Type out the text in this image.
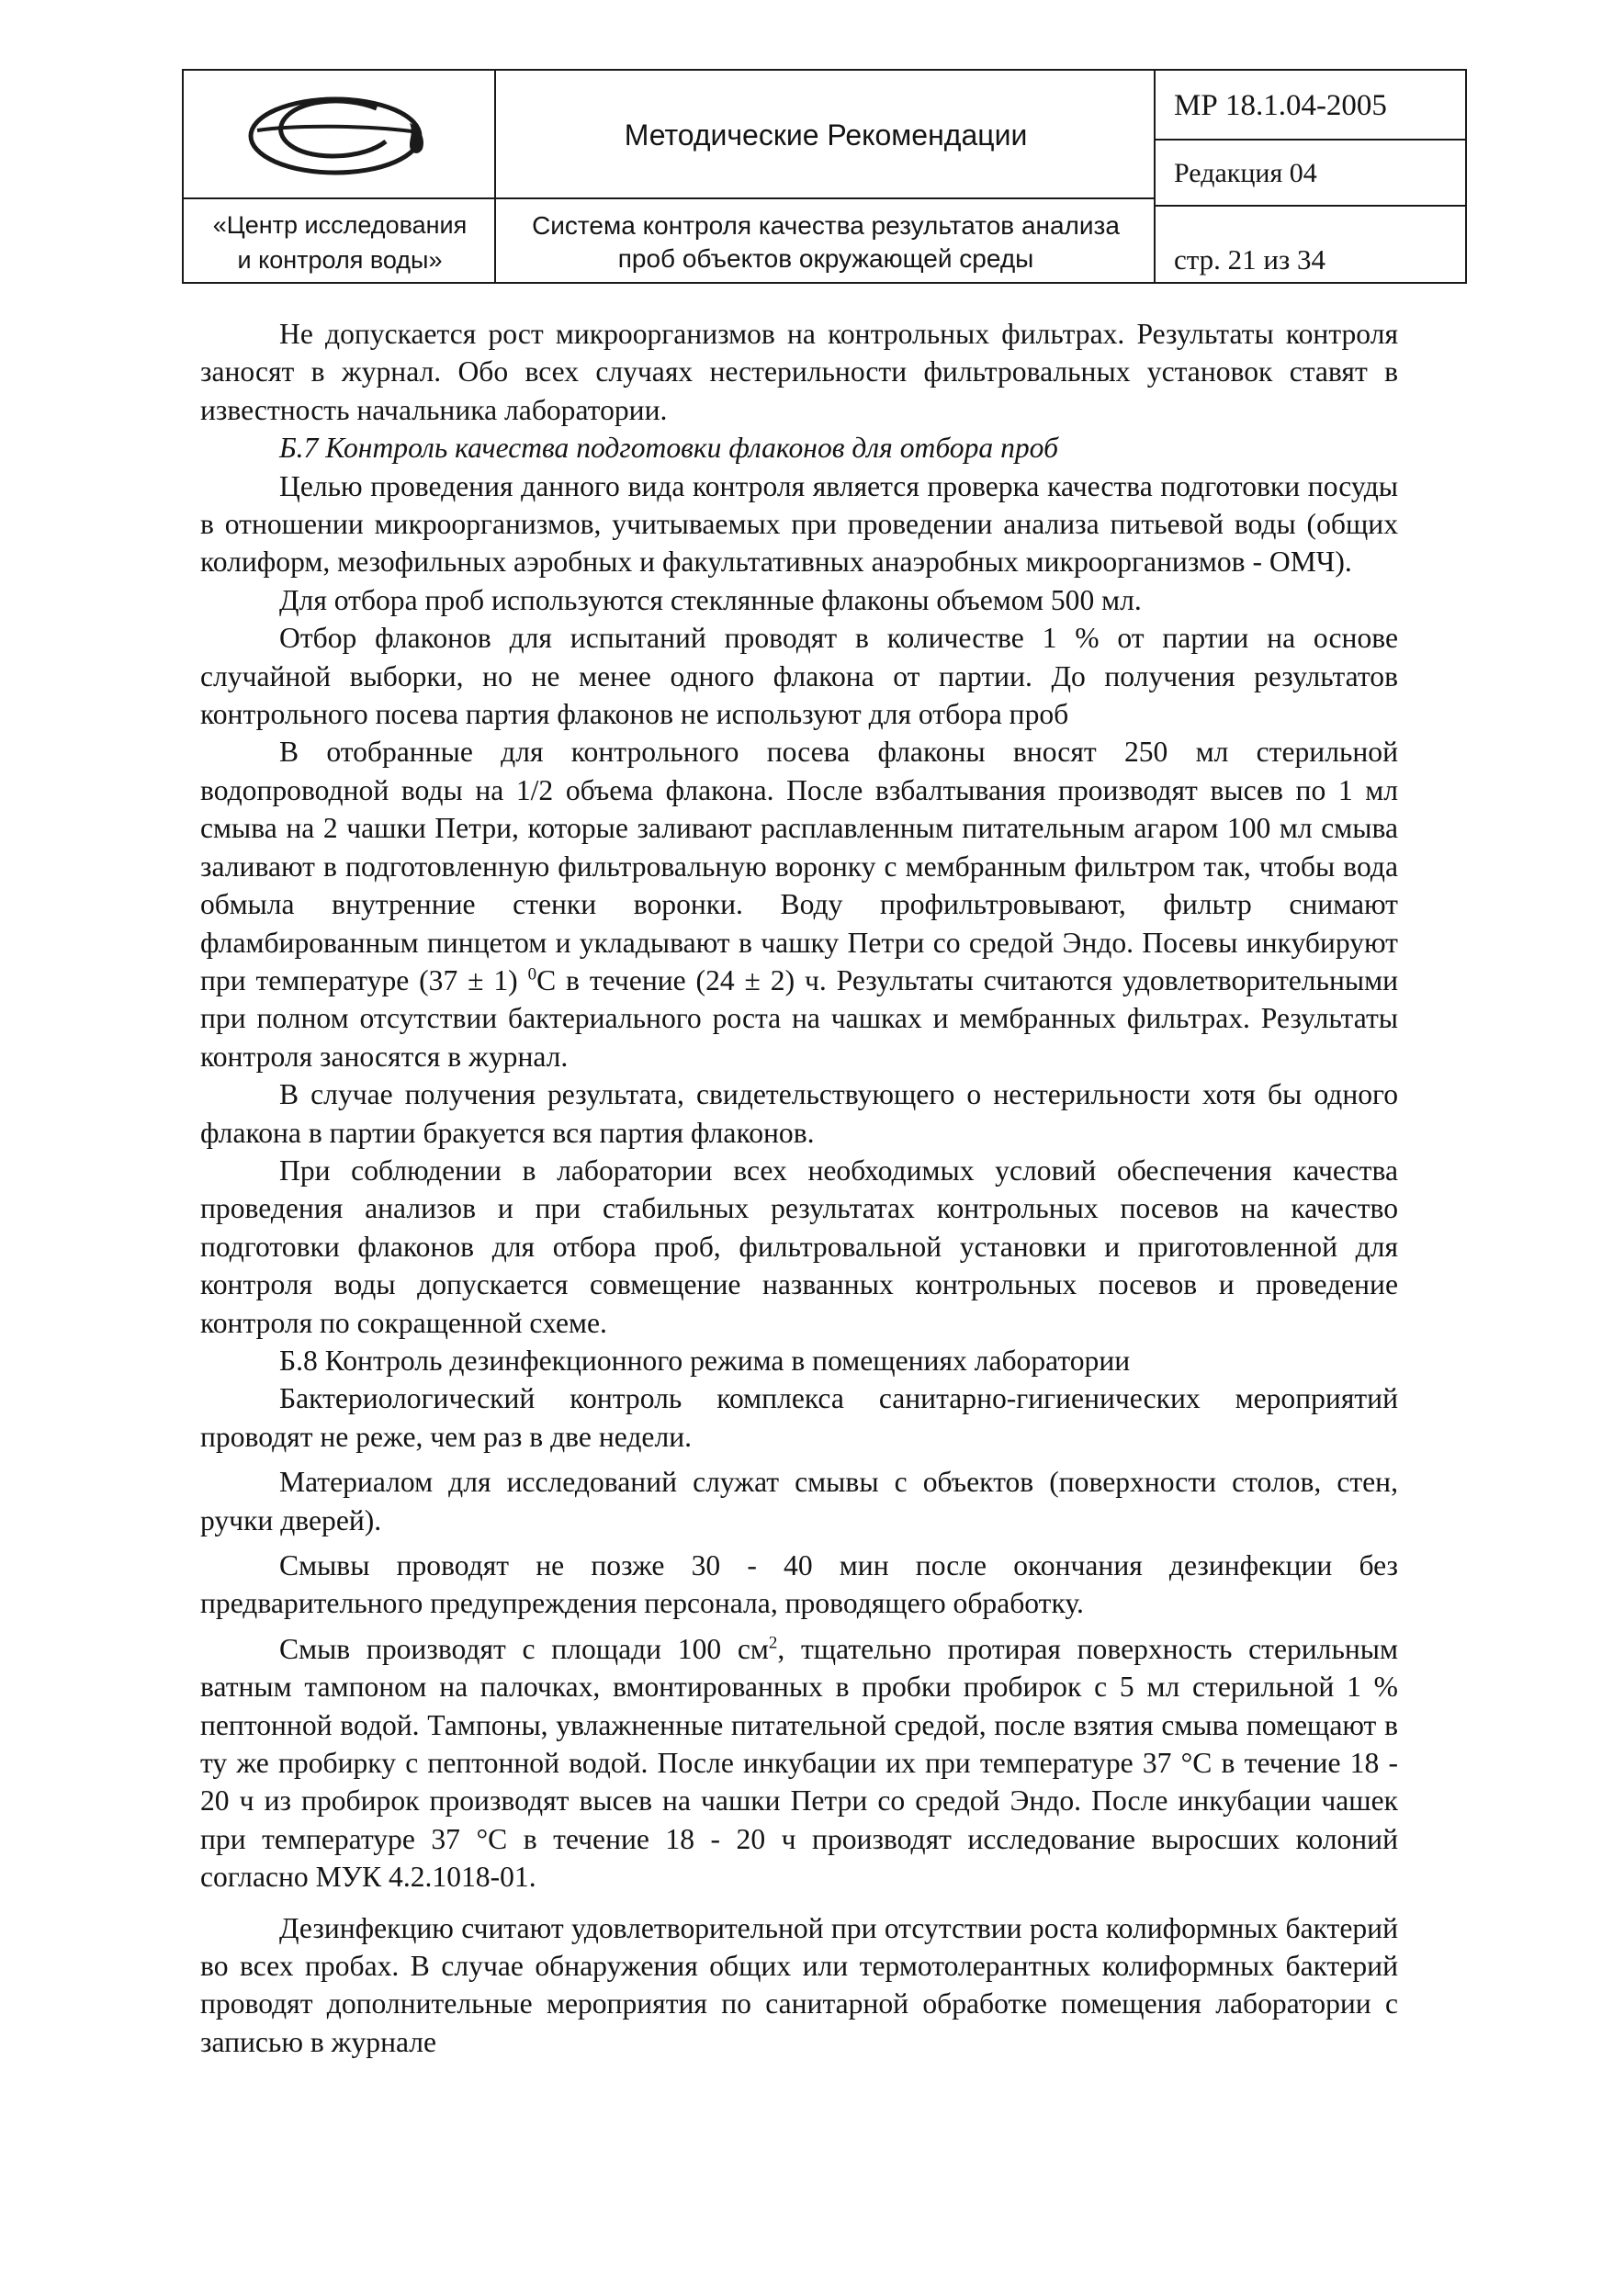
«Центр исследования
и контроля воды»
Методические Рекомендации
Система контроля качества результатов анализа
проб объектов окружающей среды
МР 18.1.04-2005
Редакция 04
стр. 21 из 34

Не допускается рост микроорганизмов на контрольных фильтрах. Результаты контроля заносят в журнал. Обо всех случаях нестерильности фильтровальных установок ставят в известность начальника лаборатории.

Б.7 Контроль качества подготовки флаконов для отбора проб

Целью проведения данного вида контроля является проверка качества подготовки посуды в отношении микроорганизмов, учитываемых при проведении анализа питьевой воды (общих колиформ, мезофильных аэробных и факультативных анаэробных микроорганизмов - ОМЧ).

Для отбора проб используются стеклянные флаконы объемом 500 мл.

Отбор флаконов для испытаний проводят в количестве 1 % от партии на основе случайной выборки, но не менее одного флакона от партии. До получения результатов контрольного посева партия флаконов не используют для отбора проб

В отобранные для контрольного посева флаконы вносят 250 мл стерильной водопроводной воды на 1/2 объема флакона. После взбалтывания производят высев по 1 мл смыва на 2 чашки Петри, которые заливают расплавленным питательным агаром 100 мл смыва заливают в подготовленную фильтровальную воронку с мембранным фильтром так, чтобы вода обмыла внутренние стенки воронки. Воду профильтровывают, фильтр снимают фламбированным пинцетом и укладывают в чашку Петри со средой Эндо. Посевы инкубируют при температуре (37 ± 1) $^0$С в течение (24 ± 2) ч. Результаты считаются удовлетворительными при полном отсутствии бактериального роста на чашках и мембранных фильтрах. Результаты контроля заносятся в журнал.

В случае получения результата, свидетельствующего о нестерильности хотя бы одного флакона в партии бракуется вся партия флаконов.

При соблюдении в лаборатории всех необходимых условий обеспечения качества проведения анализов и при стабильных результатах контрольных посевов на качество подготовки флаконов для отбора проб, фильтровальной установки и приготовленной для контроля воды допускается совмещение названных контрольных посевов и проведение контроля по сокращенной схеме.

Б.8 Контроль дезинфекционного режима в помещениях лаборатории

Бактериологический контроль комплекса санитарно-гигиенических мероприятий проводят не реже, чем раз в две недели.

Материалом для исследований служат смывы с объектов (поверхности столов, стен, ручки дверей).

Смывы проводят не позже 30 - 40 мин после окончания дезинфекции без предварительного предупреждения персонала, проводящего обработку.

Смыв производят с площади 100 $см^2$, тщательно протирая поверхность стерильным ватным тампоном на палочках, вмонтированных в пробки пробирок с 5 мл стерильной 1 % пептонной водой. Тампоны, увлажненные питательной средой, после взятия смыва помещают в ту же пробирку с пептонной водой. После инкубации их при температуре 37 °С в течение 18 - 20 ч из пробирок производят высев на чашки Петри со средой Эндо. После инкубации чашек при температуре 37 °С в течение 18 - 20 ч производят исследование выросших колоний согласно МУК 4.2.1018-01.

Дезинфекцию считают удовлетворительной при отсутствии роста колиформных бактерий во всех пробах. В случае обнаружения общих или термотолерантных колиформных бактерий проводят дополнительные мероприятия по санитарной обработке помещения лаборатории с записью в журнале
